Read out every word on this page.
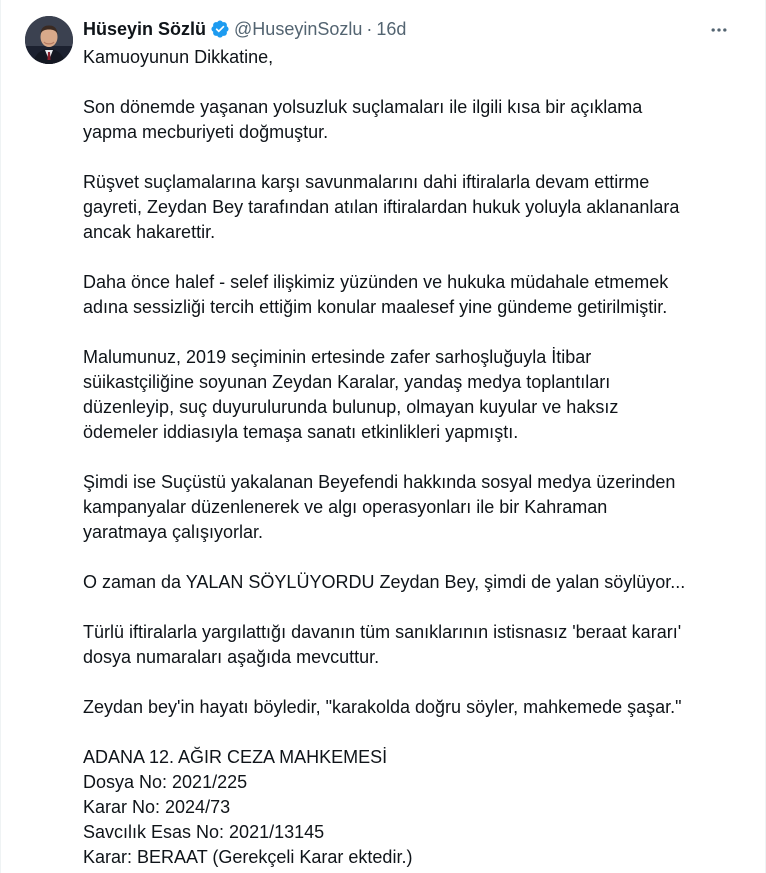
Hüseyin Sözlü @HuseyinSozlu · 16d

Kamuoyunun Dikkatine,

Son dönemde yaşanan yolsuzluk suçlamaları ile ilgili kısa bir açıklama
yapma mecburiyeti doğmuştur.

Rüşvet suçlamalarına karşı savunmalarını dahi iftiralarla devam ettirme
gayreti, Zeydan Bey tarafından atılan iftiralardan hukuk yoluyla aklananlara
ancak hakarettir.

Daha önce halef - selef ilişkimiz yüzünden ve hukuka müdahale etmemek
adına sessizliği tercih ettiğim konular maalesef yine gündeme getirilmiştir.

Malumunuz, 2019 seçiminin ertesinde zafer sarhoşluğuyla İtibar
süikastçiliğine soyunan Zeydan Karalar, yandaş medya toplantıları
düzenleyip, suç duyurulurunda bulunup, olmayan kuyular ve haksız
ödemeler iddiasıyla temaşa sanatı etkinlikleri yapmıştı.

Şimdi ise Suçüstü yakalanan Beyefendi hakkında sosyal medya üzerinden
kampanyalar düzenlenerek ve algı operasyonları ile bir Kahraman
yaratmaya çalışıyorlar.

O zaman da YALAN SÖYLÜYORDU Zeydan Bey, şimdi de yalan söylüyor...

Türlü iftiralarla yargılattığı davanın tüm sanıklarının istisnasız 'beraat kararı'
dosya numaraları aşağıda mevcuttur.

Zeydan bey'in hayatı böyledir, "karakolda doğru söyler, mahkemede şaşar."

ADANA 12. AĞIR CEZA MAHKEMESİ
Dosya No: 2021/225
Karar No: 2024/73
Savcılık Esas No: 2021/13145
Karar: BERAAT (Gerekçeli Karar ektedir.)
